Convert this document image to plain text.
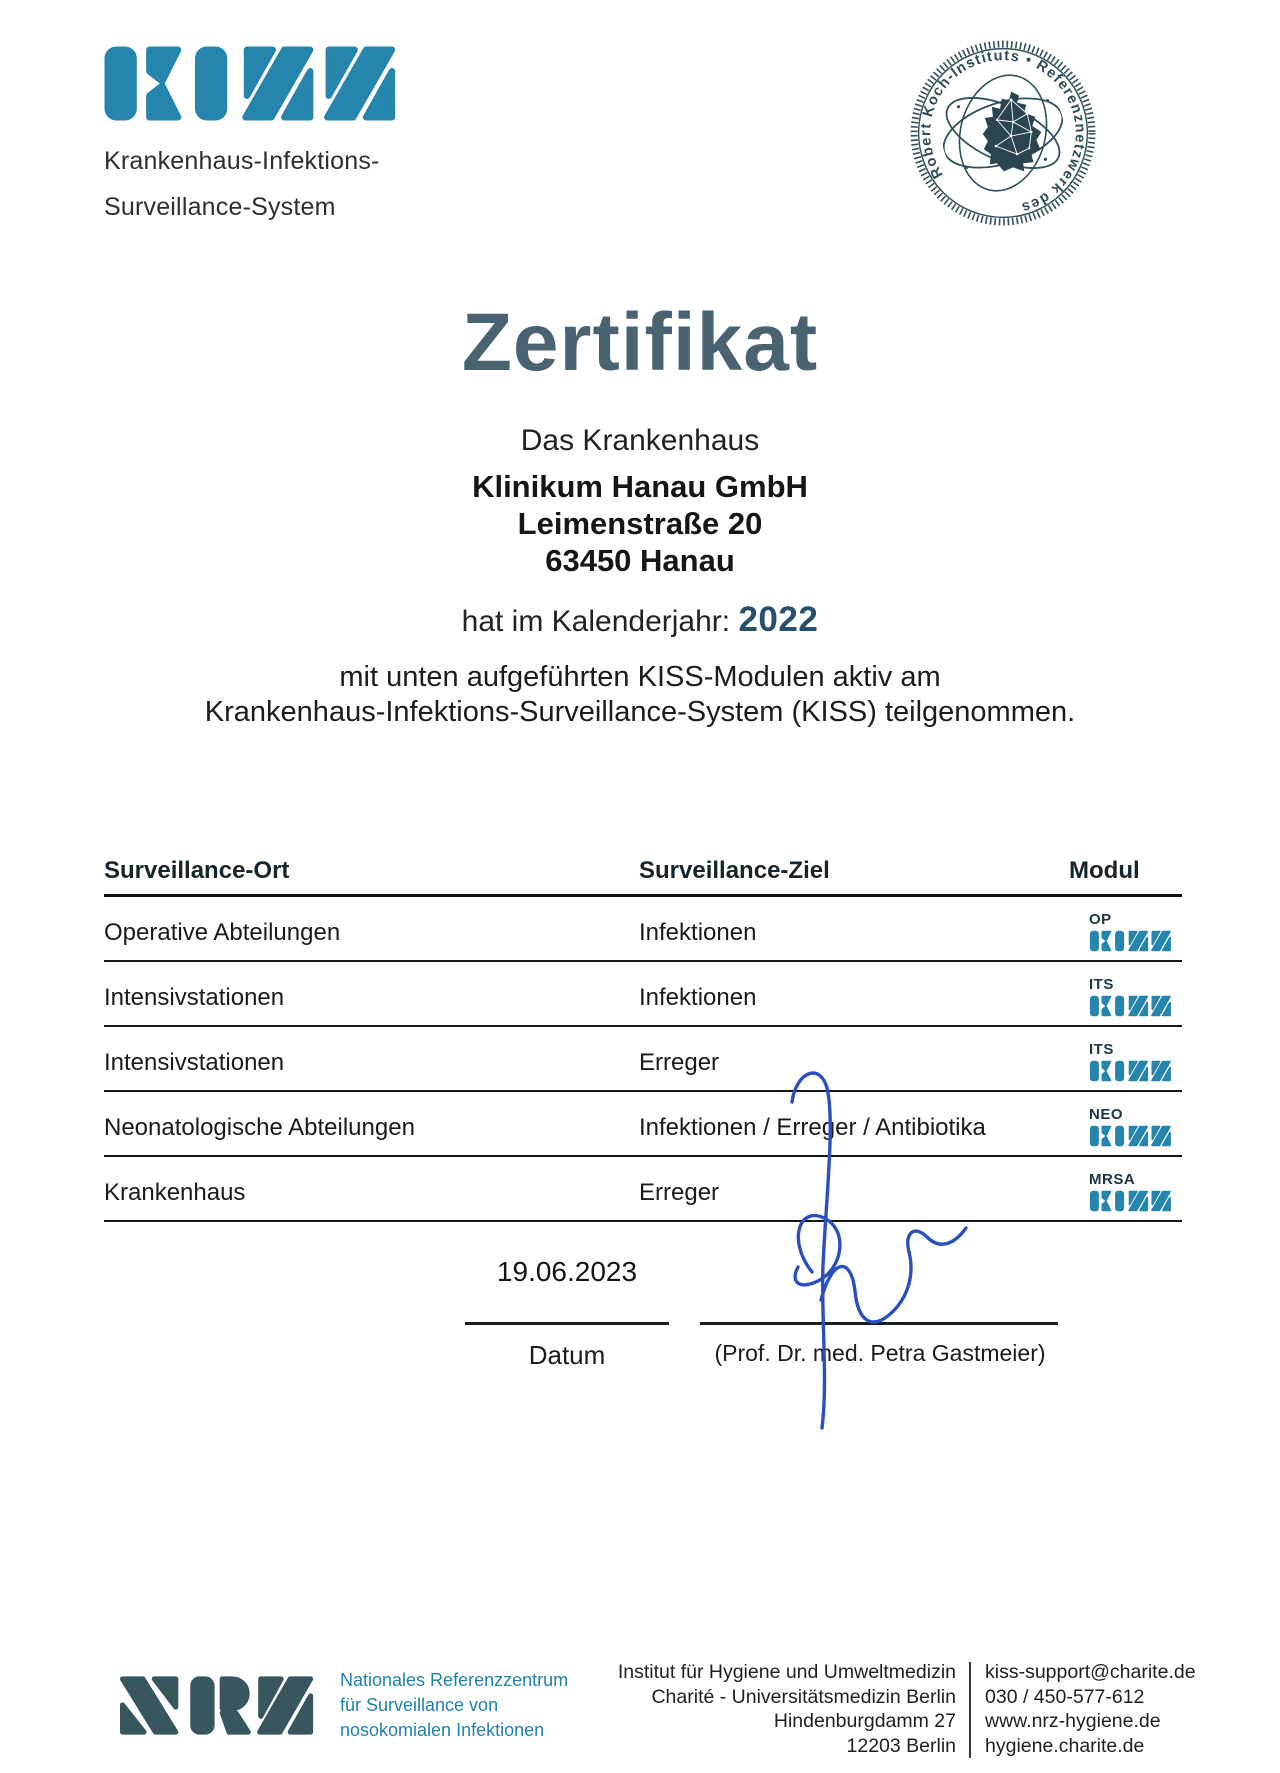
Krankenhaus-Infektions-
Surveillance-System
Robert Koch-Instituts • Referenznetzwerk des
Zertifikat
Das Krankenhaus
Klinikum Hanau GmbH
Leimenstraße 20
63450 Hanau
hat im Kalenderjahr: 2022
mit unten aufgeführten KISS-Modulen aktiv am
Krankenhaus-Infektions-Surveillance-System (KISS) teilgenommen.
Surveillance-Ort	Surveillance-Ziel	Modul
Operative Abteilungen	Infektionen	OP
Intensivstationen	Infektionen	ITS
Intensivstationen	Erreger	ITS
Neonatologische Abteilungen	Infektionen / Erreger / Antibiotika	NEO
Krankenhaus	Erreger	MRSA
19.06.2023
Datum	(Prof. Dr. med. Petra Gastmeier)
Nationales Referenzzentrum
für Surveillance von
nosokomialen Infektionen
Institut für Hygiene und Umweltmedizin
Charité - Universitätsmedizin Berlin
Hindenburgdamm 27
12203 Berlin
kiss-support@charite.de
030 / 450-577-612
www.nrz-hygiene.de
hygiene.charite.de
